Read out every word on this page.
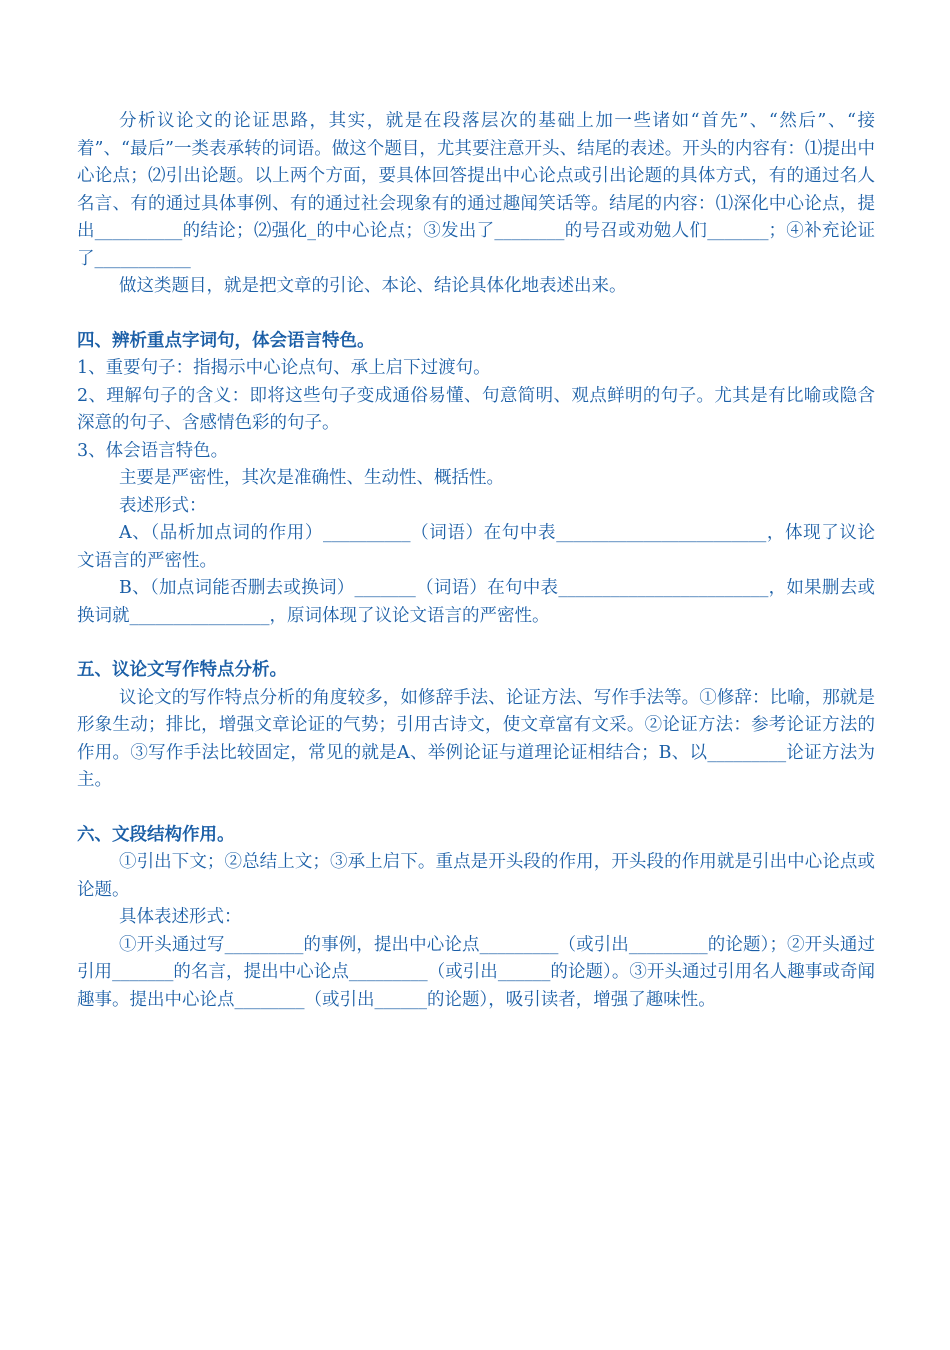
分析议论文的论证思路，其实，就是在段落层次的基础上加一些诸如“首先”、“然后”、“接着”、“最后”一类表承转的词语。做这个题目，尤其要注意开头、结尾的表述。开头的内容有：⑴提出中心论点；⑵引出论题。以上两个方面，要具体回答提出中心论点或引出论题的具体方式，有的通过名人名言、有的通过具体事例、有的通过社会现象有的通过趣闻笑话等。结尾的内容：⑴深化中心论点，提出__________的结论；⑵强化_的中心论点；③发出了________的号召或劝勉人们_______；④补充论证了___________

做这类题目，就是把文章的引论、本论、结论具体化地表述出来。

四、辨析重点字词句，体会语言特色。

1、重要句子：指揭示中心论点句、承上启下过渡句。

2、理解句子的含义：即将这些句子变成通俗易懂、句意简明、观点鲜明的句子。尤其是有比喻或隐含深意的句子、含感情色彩的句子。

3、体会语言特色。

主要是严密性，其次是准确性、生动性、概括性。

表述形式：

A、（品析加点词的作用）__________（词语）在句中表________________________，体现了议论文语言的严密性。

B、（加点词能否删去或换词）_______（词语）在句中表________________________，如果删去或换词就________________，原词体现了议论文语言的严密性。

五、议论文写作特点分析。

议论文的写作特点分析的角度较多，如修辞手法、论证方法、写作手法等。①修辞：比喻，那就是形象生动；排比，增强文章论证的气势；引用古诗文，使文章富有文采。②论证方法：参考论证方法的作用。③写作手法比较固定，常见的就是A、举例论证与道理论证相结合；B、以_________论证方法为主。

六、文段结构作用。

①引出下文；②总结上文；③承上启下。重点是开头段的作用，开头段的作用就是引出中心论点或论题。

具体表述形式：

①开头通过写_________的事例，提出中心论点_________（或引出_________的论题）；②开头通过引用_______的名言，提出中心论点_________（或引出______的论题）。③开头通过引用名人趣事或奇闻趣事。提出中心论点________（或引出______的论题），吸引读者，增强了趣味性。
